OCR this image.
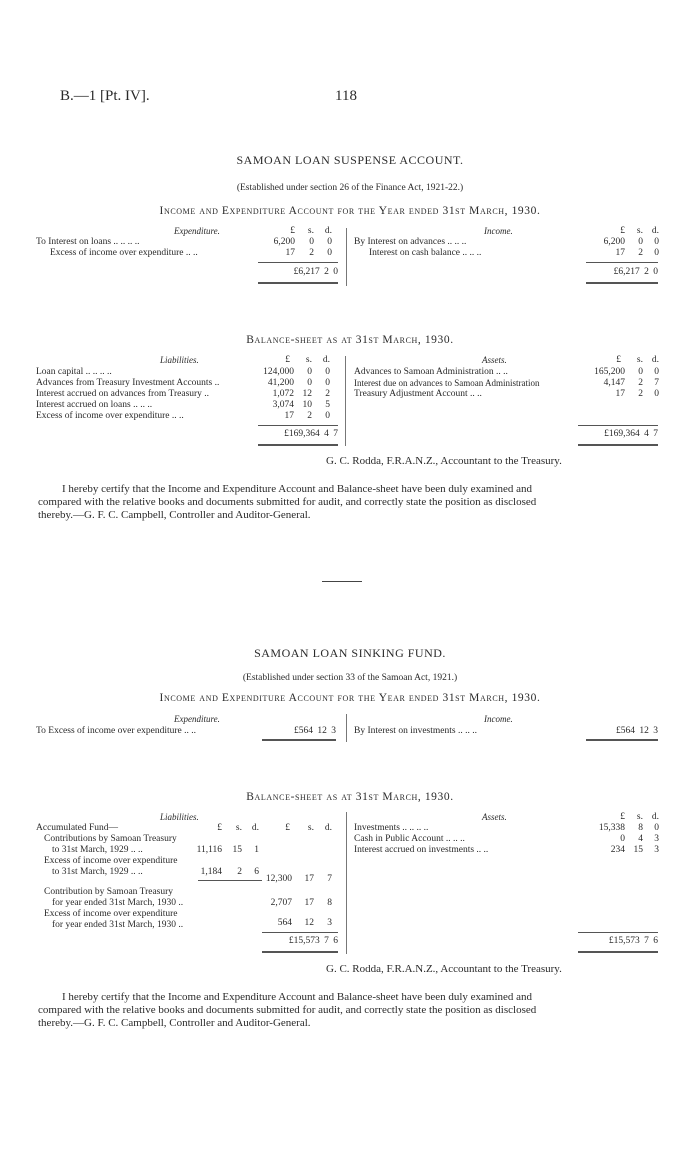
B.—1 [Pt. IV].	118
SAMOAN LOAN SUSPENSE ACCOUNT.
(Established under section 26 of the Finance Act, 1921-22.)
Income and Expenditure Account for the Year ended 31st March, 1930.
Expenditure.	£	s.	d.
To Interest on loans .. .. .. ..	6,200	0	0
Excess of income over expenditure .. ..	17	2	0
£6,217 2 0
Income.	£	s. d.
By Interest on advances .. .. ..	6,200	0	0
Interest on cash balance .. .. ..	17	2	0
£6,217 2 0
Balance-sheet as at 31st March, 1930.
Liabilities.	£	s.	d.
Loan capital .. .. .. ..	124,000	0	0
Advances from Treasury Investment Accounts ..	41,200	0	0
Interest accrued on advances from Treasury ..	1,072 12	2
Interest accrued on loans .. .. ..	3,074 10	5
Excess of income over expenditure .. ..	17	2	0
£169,364 4 7
Assets.	£	s. d.
Advances to Samoan Administration .. ..	165,200	0	0
Interest due on advances to Samoan Administration	4,147	2	7
Treasury Adjustment Account .. ..	17	2	0
£169,364 4 7
G. C. Rodda, F.R.A.N.Z., Accountant to the Treasury.
I hereby certify that the Income and Expenditure Account and Balance-sheet have been duly examined and
compared with the relative books and documents submitted for audit, and correctly state the position as disclosed
thereby.—G. F. C. Campbell, Controller and Auditor-General.
SAMOAN LOAN SINKING FUND.
(Established under section 33 of the Samoan Act, 1921.)
Income and Expenditure Account for the Year ended 31st March, 1930.
Expenditure.
To Excess of income over expenditure .. ..	£564 12 3
Income.
By Interest on investments .. .. ..	£564 12 3
Balance-sheet as at 31st March, 1930.
Liabilities.	Assets.
Accumulated Fund—	£	s.	d.	£	s.	d.
Contributions by Samoan Treasury
to 31st March, 1929 .. ..	11,116	15	1
Excess of income over expenditure
to 31st March, 1929 .. ..	1,184	2	6
12,300	17	7
Contribution by Samoan Treasury
for year ended 31st March, 1930 ..	2,707	17	8
Excess of income over expenditure
for year ended 31st March, 1930 ..	564	12	3
£15,573 7 6
£	s. d.
Investments .. .. .. ..	15,338	8	0
Cash in Public Account .. .. ..	0	4	3
Interest accrued on investments .. ..	234 15	3
£15,573 7 6
G. C. Rodda, F.R.A.N.Z., Accountant to the Treasury.
I hereby certify that the Income and Expenditure Account and Balance-sheet have been duly examined and
compared with the relative books and documents submitted for audit, and correctly state the position as disclosed
thereby.—G. F. C. Campbell, Controller and Auditor-General.
